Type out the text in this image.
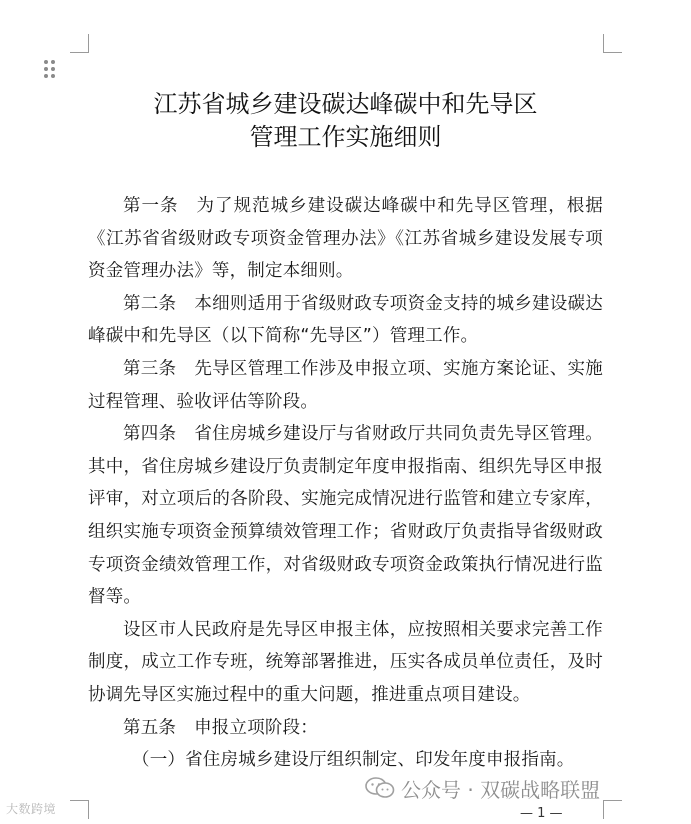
江苏省城乡建设碳达峰碳中和先导区
管理工作实施细则

第一条 为了规范城乡建设碳达峰碳中和先导区管理，根据《江苏省省级财政专项资金管理办法》《江苏省城乡建设发展专项资金管理办法》等，制定本细则。

第二条 本细则适用于省级财政专项资金支持的城乡建设碳达峰碳中和先导区（以下简称“先导区”）管理工作。

第三条 先导区管理工作涉及申报立项、实施方案论证、实施过程管理、验收评估等阶段。

第四条 省住房城乡建设厅与省财政厅共同负责先导区管理。其中，省住房城乡建设厅负责制定年度申报指南、组织先导区申报评审，对立项后的各阶段、实施完成情况进行监管和建立专家库，组织实施专项资金预算绩效管理工作；省财政厅负责指导省级财政专项资金绩效管理工作，对省级财政专项资金政策执行情况进行监督等。

设区市人民政府是先导区申报主体，应按照相关要求完善工作制度，成立工作专班，统筹部署推进，压实各成员单位责任，及时协调先导区实施过程中的重大问题，推进重点项目建设。

第五条 申报立项阶段：

（一）省住房城乡建设厅组织制定、印发年度申报指南。

公众号 · 双碳战略联盟
大数跨境	— 1 —
